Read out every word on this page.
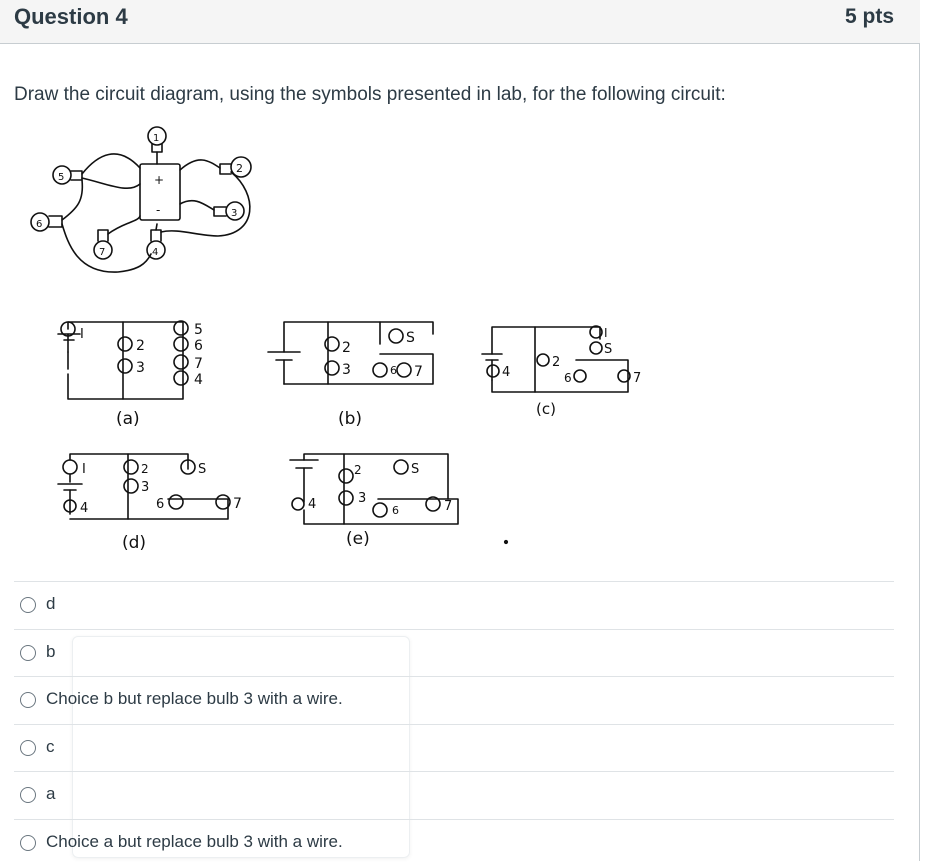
Question 4	5 pts
Draw the circuit diagram, using the symbols presented in lab, for the following circuit:
+
-
1
5
2
3
6
7	4
I
2
3
5
6
7
4
(a)
2
3
S
6 7
(b)
4
2
I
S
6	7
(c)
I
4
2
3
S
6	7
(d)
4
2
3
S
6	7
(e)
d
b
Choice b but replace bulb 3 with a wire.
c
a
Choice a but replace bulb 3 with a wire.
